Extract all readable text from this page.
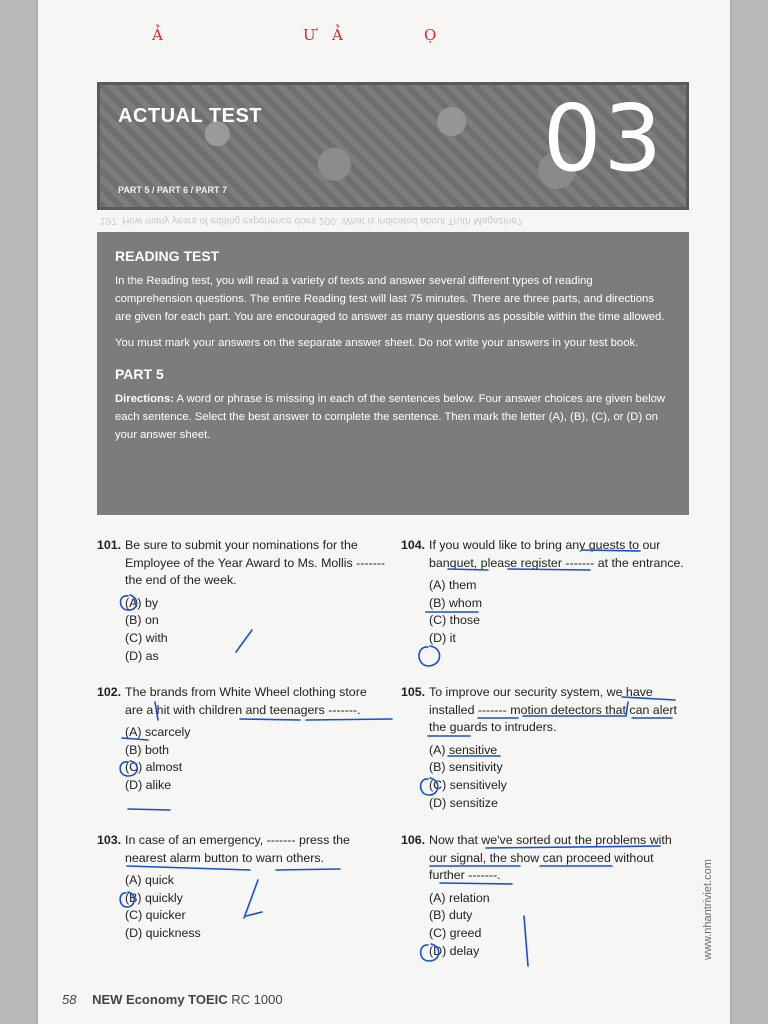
Ả	Ư Ả	Ọ
ACTUAL TEST
PART 5 / PART 6 / PART 7	03
197. How many years of editing experience does 200. What is indicated about Truth Magazine?
READING TEST

In the Reading test, you will read a variety of texts and answer several different types of reading comprehension questions. The entire Reading test will last 75 minutes. There are three parts, and directions are given for each part. You are encouraged to answer as many questions as possible within the time allowed.

You must mark your answers on the separate answer sheet. Do not write your answers in your test book.

PART 5

Directions: A word or phrase is missing in each of the sentences below. Four answer choices are given below each sentence. Select the best answer to complete the sentence. Then mark the letter (A), (B), (C), or (D) on your answer sheet.

101. Be sure to submit your nominations for the Employee of the Year Award to Ms. Mollis ------- the end of the week.
(A) by
(B) on
(C) with
(D) as
102. The brands from White Wheel clothing store are a hit with children and teenagers -------.
(A) scarcely
(B) both
(C) almost
(D) alike
103. In case of an emergency, ------- press the nearest alarm button to warn others.
(A) quick
(B) quickly
(C) quicker
(D) quickness
104. If you would like to bring any guests to our banquet, please register ------- at the entrance.
(A) them
(B) whom
(C) those
(D) it
105. To improve our security system, we have installed ------- motion detectors that can alert the guards to intruders.
(A) sensitive
(B) sensitivity
(C) sensitively
(D) sensitize
106. Now that we've sorted out the problems with our signal, the show can proceed without further -------.
(A) relation
(B) duty
(C) greed
(D) delay	www.nhantriviet.com
58 NEW Economy TOEIC RC 1000
